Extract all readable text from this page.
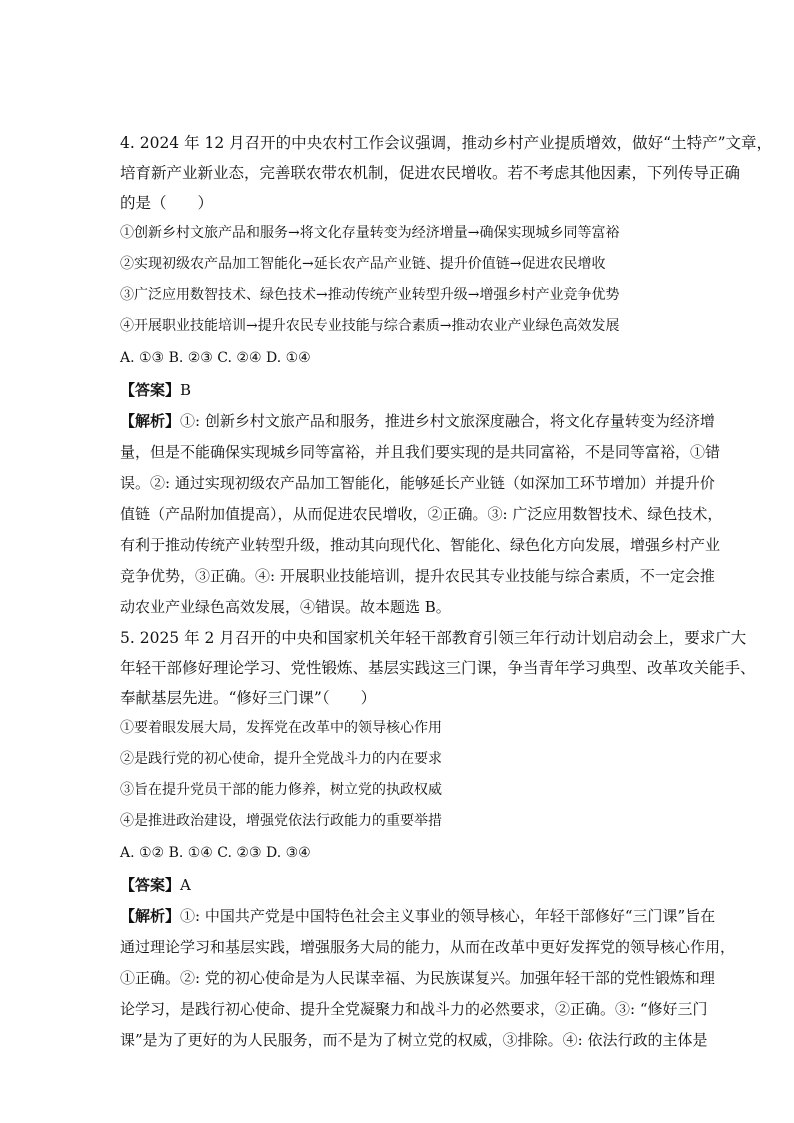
4. 2024 年 12 月召开的中央农村工作会议强调，推动乡村产业提质增效，做好“土特产”文章，
培育新产业新业态，完善联农带农机制，促进农民增收。若不考虑其他因素，下列传导正确
的是（　　）
①创新乡村文旅产品和服务→将文化存量转变为经济增量→确保实现城乡同等富裕
②实现初级农产品加工智能化→延长农产品产业链、提升价值链→促进农民增收
③广泛应用数智技术、绿色技术→推动传统产业转型升级→增强乡村产业竞争优势
④开展职业技能培训→提升农民专业技能与综合素质→推动农业产业绿色高效发展
A. ①③ B. ②③ C. ②④ D. ①④
【答案】B
【解析】①: 创新乡村文旅产品和服务，推进乡村文旅深度融合，将文化存量转变为经济增
量，但是不能确保实现城乡同等富裕，并且我们要实现的是共同富裕，不是同等富裕，①错
误。②: 通过实现初级农产品加工智能化，能够延长产业链（如深加工环节增加）并提升价
值链（产品附加值提高），从而促进农民增收，②正确。③: 广泛应用数智技术、绿色技术，
有利于推动传统产业转型升级，推动其向现代化、智能化、绿色化方向发展，增强乡村产业
竞争优势，③正确。④: 开展职业技能培训，提升农民其专业技能与综合素质，不一定会推
动农业产业绿色高效发展，④错误。故本题选 B。
5. 2025 年 2 月召开的中央和国家机关年轻干部教育引领三年行动计划启动会上，要求广大
年轻干部修好理论学习、党性锻炼、基层实践这三门课，争当青年学习典型、改革攻关能手、
奉献基层先进。“修好三门课”（　　）
①要着眼发展大局，发挥党在改革中的领导核心作用
②是践行党的初心使命，提升全党战斗力的内在要求
③旨在提升党员干部的能力修养，树立党的执政权威
④是推进政治建设，增强党依法行政能力的重要举措
A. ①② B. ①④ C. ②③ D. ③④
【答案】A
【解析】①: 中国共产党是中国特色社会主义事业的领导核心，年轻干部修好“三门课”旨在
通过理论学习和基层实践，增强服务大局的能力，从而在改革中更好发挥党的领导核心作用，
①正确。②: 党的初心使命是为人民谋幸福、为民族谋复兴。加强年轻干部的党性锻炼和理
论学习，是践行初心使命、提升全党凝聚力和战斗力的必然要求，②正确。③: “修好三门
课”是为了更好的为人民服务，而不是为了树立党的权威，③排除。④: 依法行政的主体是
